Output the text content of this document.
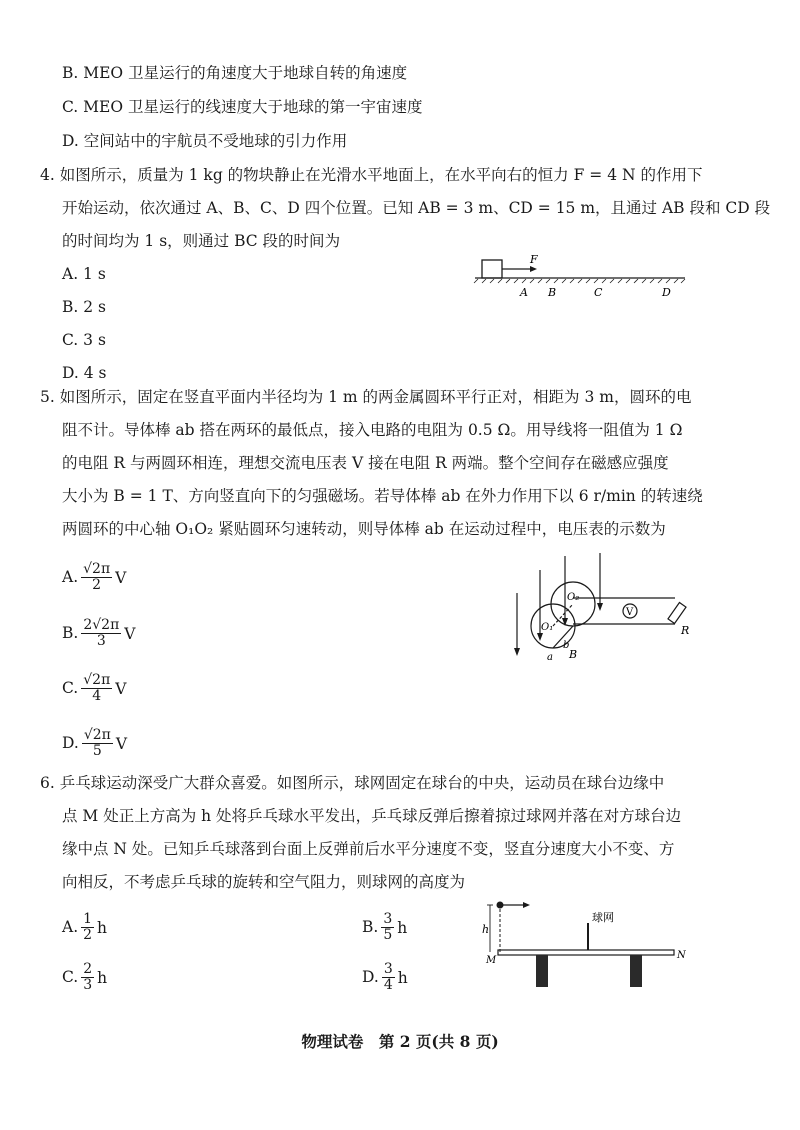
B. MEO 卫星运行的角速度大于地球自转的角速度
C. MEO 卫星运行的线速度大于地球的第一宇宙速度
D. 空间站中的宇航员不受地球的引力作用
4. 如图所示，质量为 1 kg 的物块静止在光滑水平地面上，在水平向右的恒力 F = 4 N 的作用下
开始运动，依次通过 A、B、C、D 四个位置。已知 AB = 3 m、CD = 15 m，且通过 AB 段和 CD 段
的时间均为 1 s，则通过 BC 段的时间为
A. 1 s
B. 2 s
C. 3 s
D. 4 s
F
A B	C	D
5. 如图所示，固定在竖直平面内半径均为 1 m 的两金属圆环平行正对，相距为 3 m，圆环的电
阻不计。导体棒 ab 搭在两环的最低点，接入电路的电阻为 0.5 Ω。用导线将一阻值为 1 Ω
的电阻 R 与两圆环相连，理想交流电压表 V 接在电阻 R 两端。整个空间存在磁感应强度
大小为 B = 1 T、方向竖直向下的匀强磁场。若导体棒 ab 在外力作用下以 6 r/min 的转速绕
两圆环的中心轴 O₁O₂ 紧贴圆环匀速转动，则导体棒 ab 在运动过程中，电压表的示数为
A. $\frac{√2\pi}{2}$ V
B. $\frac{2√2\pi}{3}$ V
C. $\frac{√2\pi}{4}$ V
D. $\frac{√2\pi}{5}$ V
V
R
O₁
O₂
a
b
B
6. 乒乓球运动深受广大群众喜爱。如图所示，球网固定在球台的中央，运动员在球台边缘中
点 M 处正上方高为 h 处将乒乓球水平发出，乒乓球反弹后擦着掠过球网并落在对方球台边
缘中点 N 处。已知乒乓球落到台面上反弹前后水平分速度不变，竖直分速度大小不变、方
向相反，不考虑乒乓球的旋转和空气阻力，则球网的高度为
A. $\frac{1}{2}$ h	B. $\frac{3}{5}$ h
C. $\frac{2}{3}$ h	D. $\frac{3}{4}$ h
h
球网
M	N
物理试卷　第 2 页(共 8 页)
